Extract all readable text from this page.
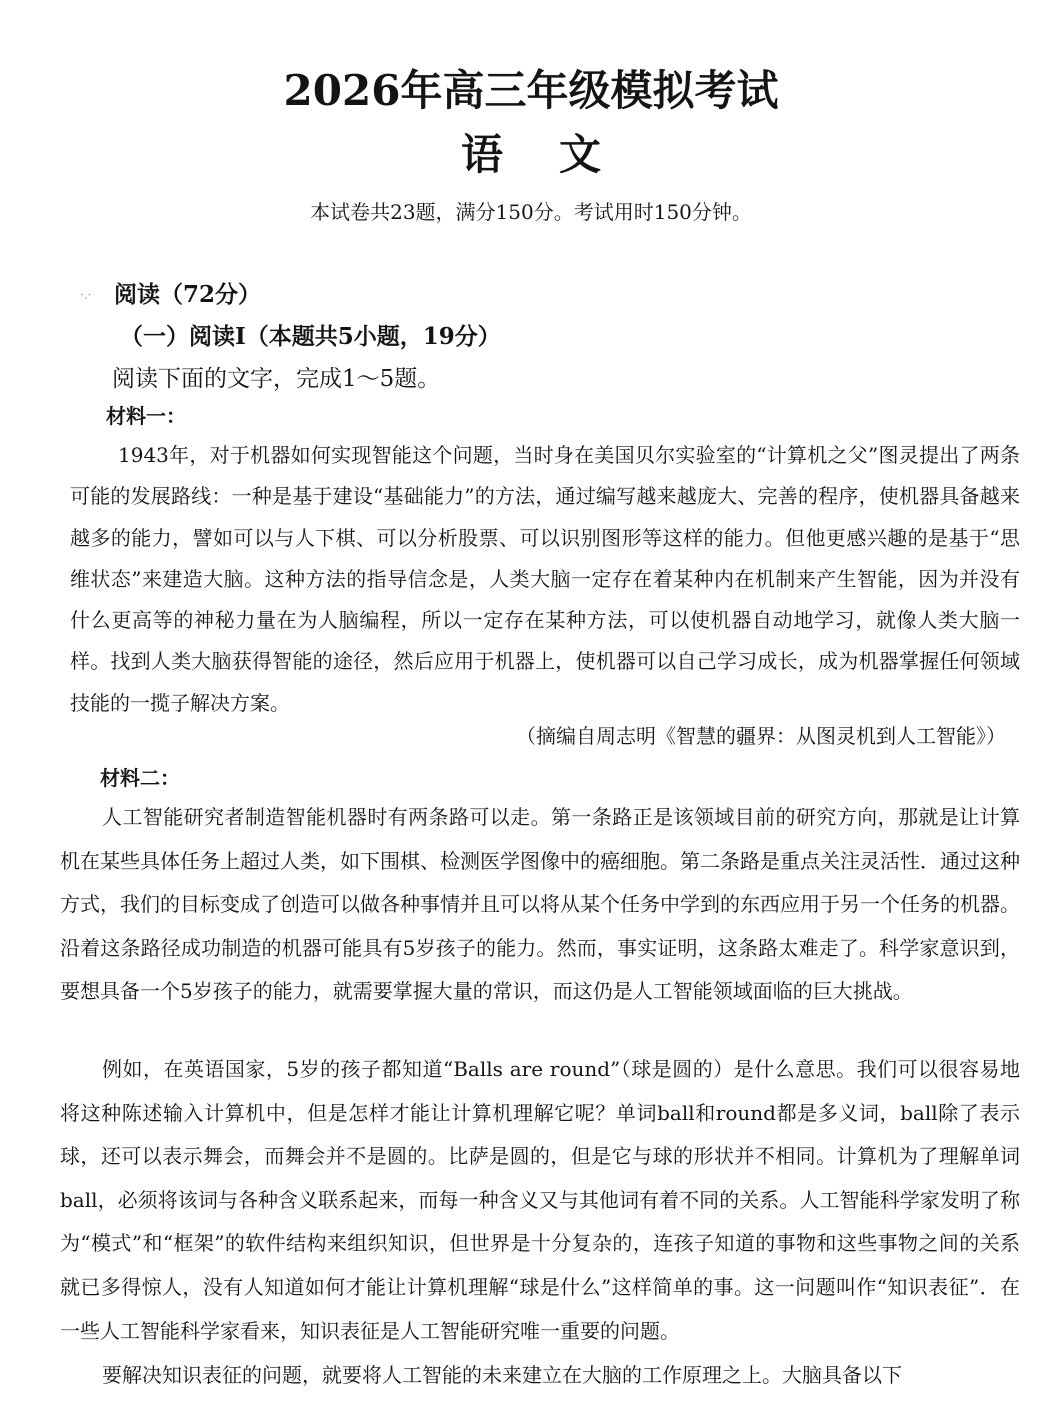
2026年高三年级模拟考试
语文
本试卷共23题，满分150分。考试用时150分钟。
·.· 阅读（72分）
（一）阅读I（本题共5小题，19分）
阅读下面的文字，完成1～5题。
材料一：

1943年，对于机器如何实现智能这个问题，当时身在美国贝尔实验室的“计算机之父”图灵提出了两条可能的发展路线：一种是基于建设“基础能力”的方法，通过编写越来越庞大、完善的程序，使机器具备越来越多的能力，譬如可以与人下棋、可以分析股票、可以识别图形等这样的能力。但他更感兴趣的是基于“思维状态”来建造大脑。这种方法的指导信念是，人类大脑一定存在着某种内在机制来产生智能，因为并没有什么更高等的神秘力量在为人脑编程，所以一定存在某种方法，可以使机器自动地学习，就像人类大脑一样。找到人类大脑获得智能的途径，然后应用于机器上，使机器可以自己学习成长，成为机器掌握任何领域技能的一揽子解决方案。

（摘编自周志明《智慧的疆界：从图灵机到人工智能》）
材料二：

人工智能研究者制造智能机器时有两条路可以走。第一条路正是该领域目前的研究方向，那就是让计算机在某些具体任务上超过人类，如下围棋、检测医学图像中的癌细胞。第二条路是重点关注灵活性．通过这种方式，我们的目标变成了创造可以做各种事情并且可以将从某个任务中学到的东西应用于另一个任务的机器。沿着这条路径成功制造的机器可能具有5岁孩子的能力。然而，事实证明，这条路太难走了。科学家意识到，要想具备一个5岁孩子的能力，就需要掌握大量的常识，而这仍是人工智能领域面临的巨大挑战。

例如，在英语国家，5岁的孩子都知道“Balls are round”（球是圆的）是什么意思。我们可以很容易地将这种陈述输入计算机中，但是怎样才能让计算机理解它呢？单词ball和round都是多义词，ball除了表示球，还可以表示舞会，而舞会并不是圆的。比萨是圆的，但是它与球的形状并不相同。计算机为了理解单词ball，必须将该词与各种含义联系起来，而每一种含义又与其他词有着不同的关系。人工智能科学家发明了称为“模式”和“框架”的软件结构来组织知识，但世界是十分复杂的，连孩子知道的事物和这些事物之间的关系就已多得惊人，没有人知道如何才能让计算机理解“球是什么”这样简单的事。这一问题叫作“知识表征”．在一些人工智能科学家看来，知识表征是人工智能研究唯一重要的问题。

要解决知识表征的问题，就要将人工智能的未来建立在大脑的工作原理之上。大脑具备以下
